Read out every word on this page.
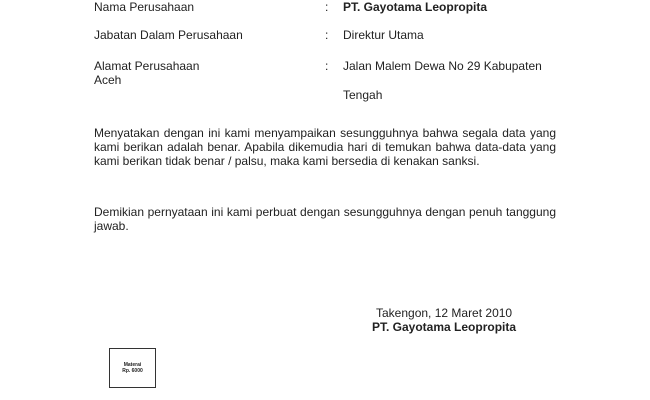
Nama Perusahaan	: PT. Gayotama Leopropita
Jabatan Dalam Perusahaan	: Direktur Utama
Alamat Perusahaan
Aceh
: Jalan Malem Dewa No 29 Kabupaten
Tengah

Menyatakan dengan ini kami menyampaikan sesungguhnya bahwa segala data yang kami berikan adalah benar. Apabila dikemudia hari di temukan bahwa data-data yang kami berikan tidak benar / palsu, maka kami bersedia di kenakan sanksi.

Demikian pernyataan ini kami perbuat dengan sesungguhnya dengan penuh tanggung jawab.

Takengon, 12 Maret 2010
PT. Gayotama Leopropita
Materai
Rp. 6000
